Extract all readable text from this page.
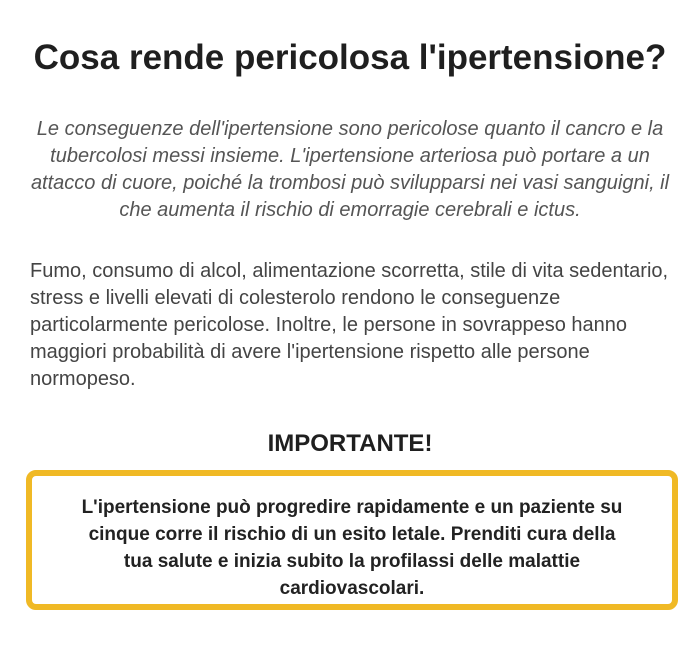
Cosa rende pericolosa l'ipertensione?

Le conseguenze dell'ipertensione sono pericolose quanto il cancro e la tubercolosi messi insieme. L'ipertensione arteriosa può portare a un attacco di cuore, poiché la trombosi può svilupparsi nei vasi sanguigni, il che aumenta il rischio di emorragie cerebrali e ictus.

Fumo, consumo di alcol, alimentazione scorretta, stile di vita sedentario, stress e livelli elevati di colesterolo rendono le conseguenze particolarmente pericolose. Inoltre, le persone in sovrappeso hanno maggiori probabilità di avere l'ipertensione rispetto alle persone normopeso.

IMPORTANTE!

L'ipertensione può progredire rapidamente e un paziente su cinque corre il rischio di un esito letale. Prenditi cura della tua salute e inizia subito la profilassi delle malattie cardiovascolari.
